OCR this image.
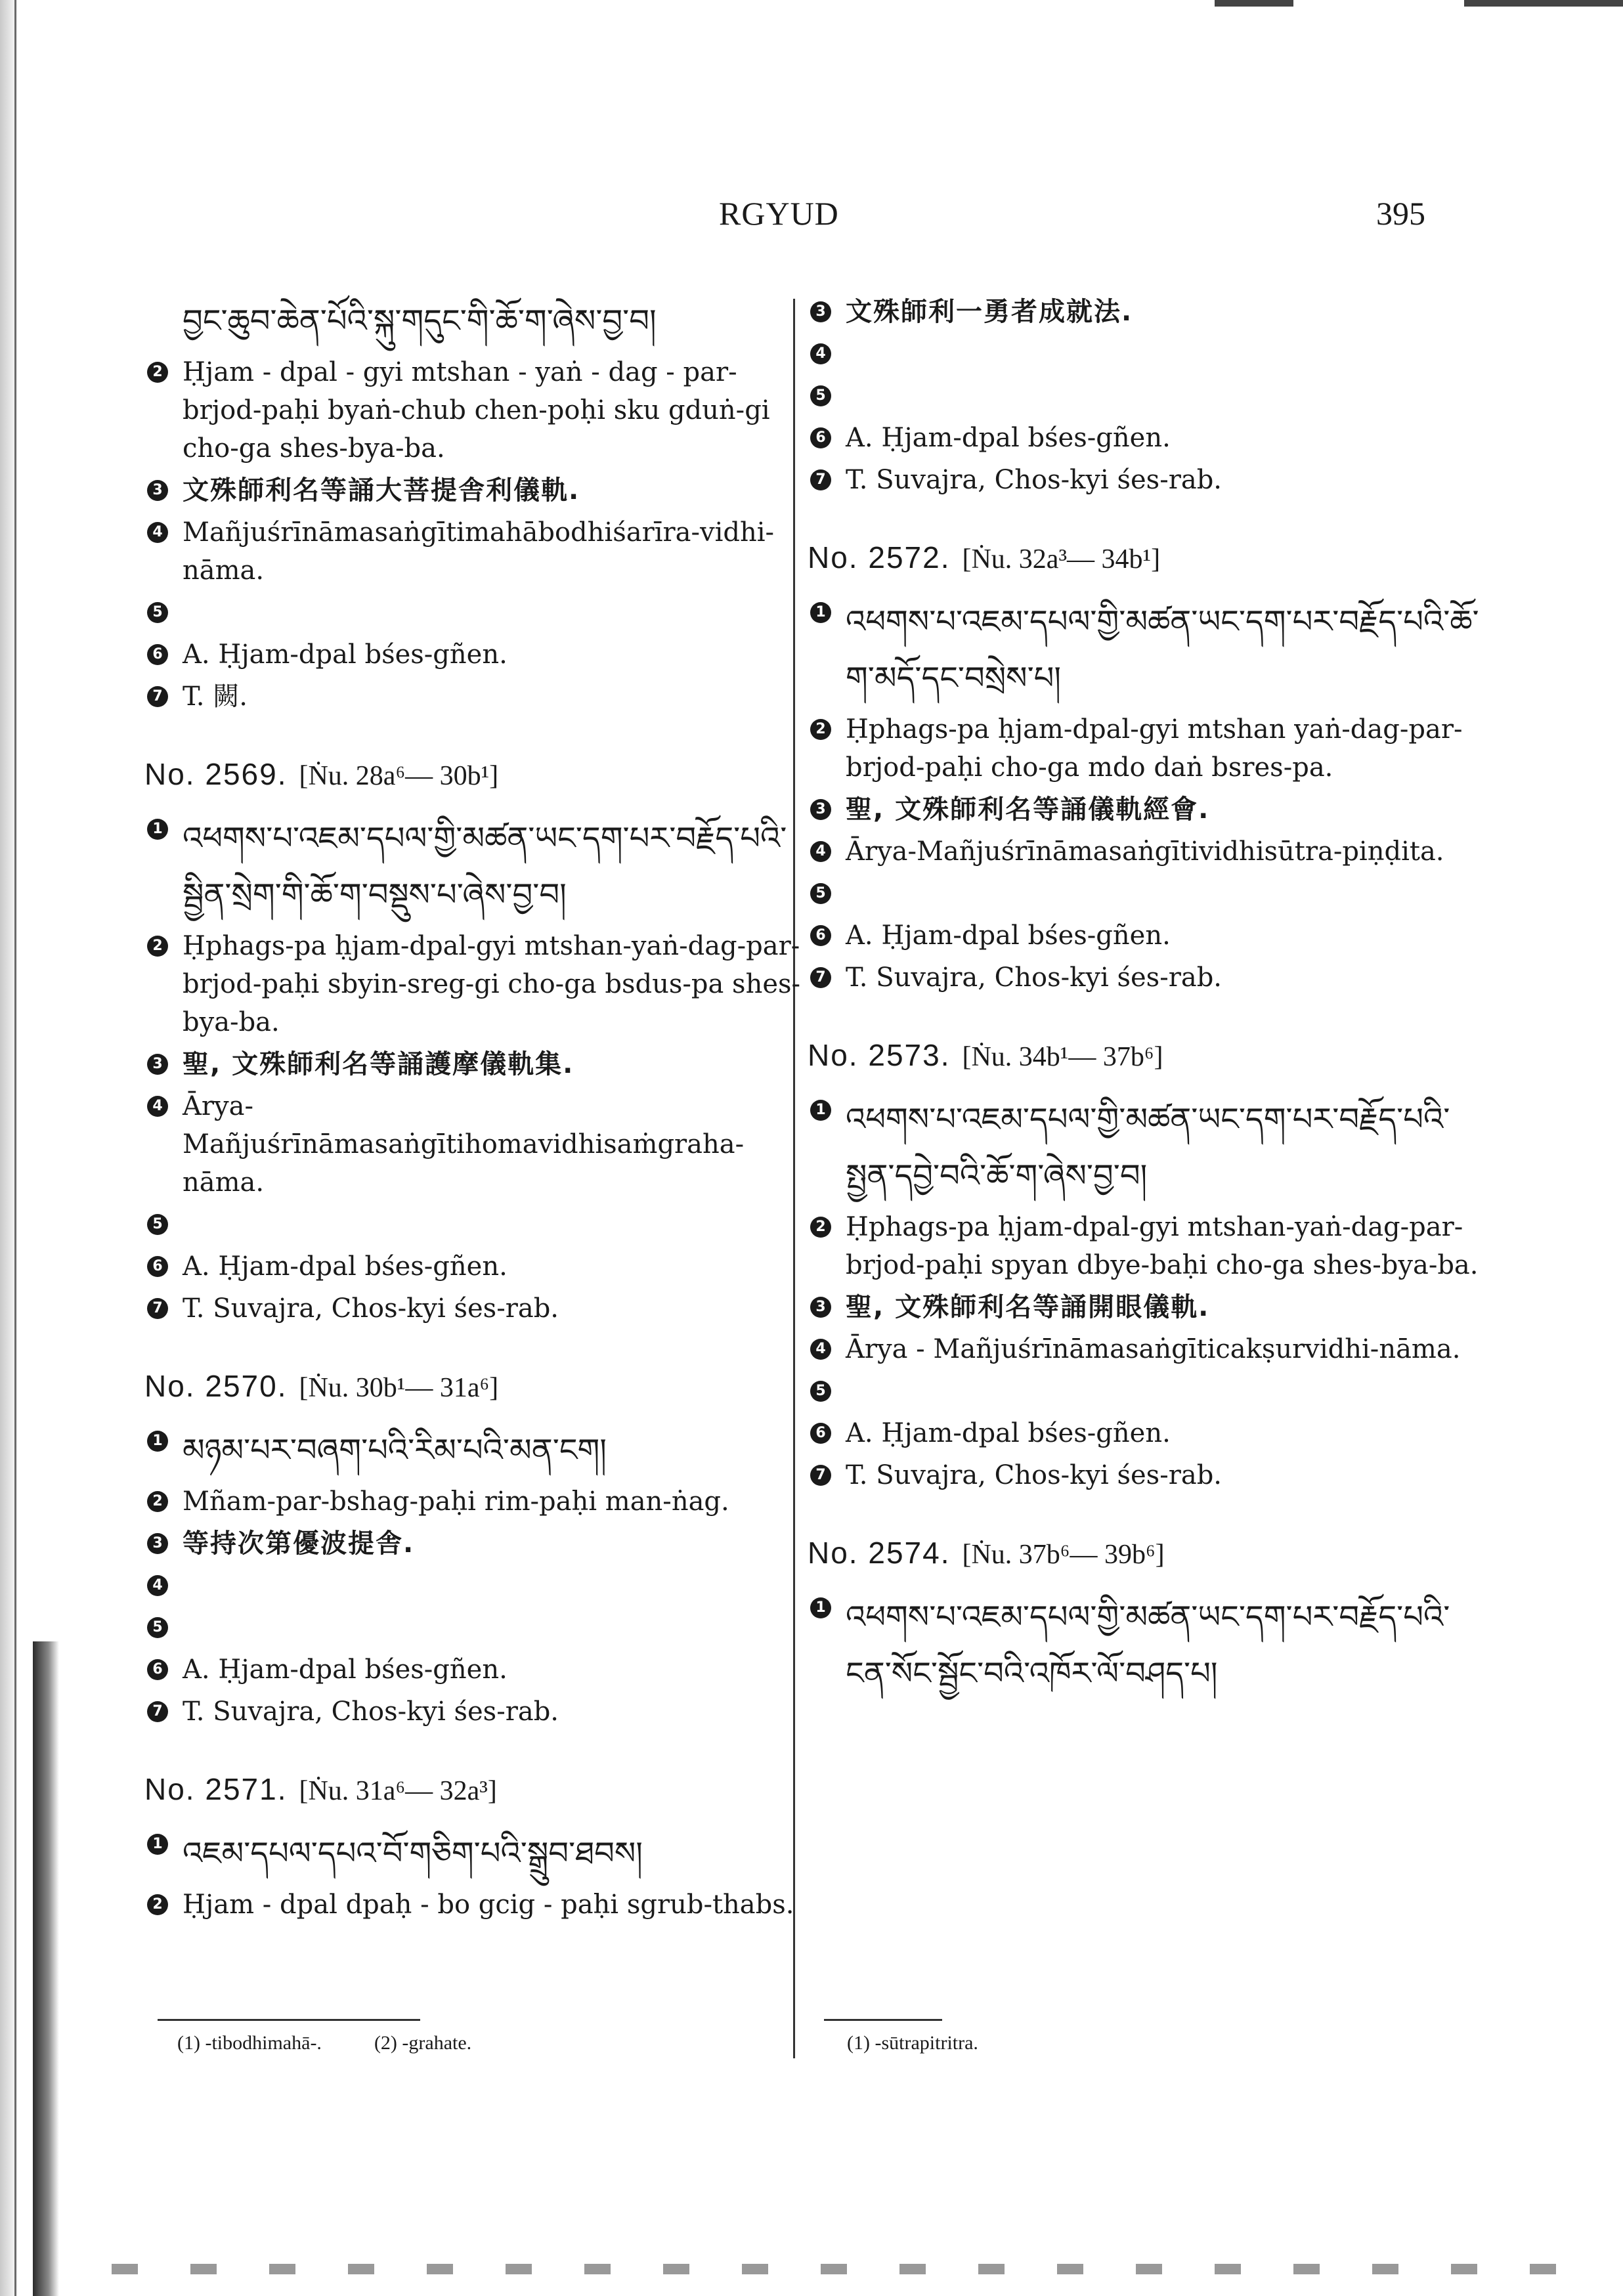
RGYUD	395
བྱང་ཆུབ་ཆེན་པོའི་སྐུ་གདུང་གི་ཆོ་ག་ཞེས་བྱ་བ།
2 Ḥjam - dpal - gyi mtshan - yaṅ - dag - par-brjod-paḥi byaṅ-chub chen-poḥi sku gduṅ-gi cho-ga shes-bya-ba.
3 文殊師利名等誦大菩提舎利儀軌.
4 Mañjuśrīnāmasaṅgītimahābodhiśarīra-vidhi-nāma.
5
6 A. Ḥjam-dpal bśes-gñen.
7 T. 闕.
No. 2569. [Ṅu. 28a⁶— 30b¹]
1 འཕགས་པ་འཇམ་དཔལ་གྱི་མཚན་ཡང་དག་པར་བརྗོད་པའི་སྦྱིན་སྲེག་གི་ཆོ་ག་བསྡུས་པ་ཞེས་བྱ་བ།
2 Ḥphags-pa ḥjam-dpal-gyi mtshan-yaṅ-dag-par-brjod-paḥi sbyin-sreg-gi cho-ga bsdus-pa shes-bya-ba.
3 聖, 文殊師利名等誦護摩儀軌集.
4 Ārya-Mañjuśrīnāmasaṅgītihomavidhisaṁgraha-nāma.
5
6 A. Ḥjam-dpal bśes-gñen.
7 T. Suvajra, Chos-kyi śes-rab.
No. 2570. [Ṅu. 30b¹— 31a⁶]
1 མཉམ་པར་བཞག་པའི་རིམ་པའི་མན་ངག།
2 Mñam-par-bshag-paḥi rim-paḥi man-ṅag.
3 等持次第優波提舎.
4
5
6 A. Ḥjam-dpal bśes-gñen.
7 T. Suvajra, Chos-kyi śes-rab.
No. 2571. [Ṅu. 31a⁶— 32a³]
1 འཇམ་དཔལ་དཔའ་བོ་གཅིག་པའི་སྒྲུབ་ཐབས།
2 Ḥjam - dpal dpaḥ - bo gcig - paḥi sgrub-thabs.
(1) -tibodhimahā-.	(2) -grahate.
3 文殊師利一勇者成就法.
4
5
6 A. Ḥjam-dpal bśes-gñen.
7 T. Suvajra, Chos-kyi śes-rab.
No. 2572. [Ṅu. 32a³— 34b¹]
1 འཕགས་པ་འཇམ་དཔལ་གྱི་མཚན་ཡང་དག་པར་བརྗོད་པའི་ཆོ་ག་མདོ་དང་བསྲེས་པ།
2 Ḥphags-pa ḥjam-dpal-gyi mtshan yaṅ-dag-par-brjod-paḥi cho-ga mdo daṅ bsres-pa.
3 聖, 文殊師利名等誦儀軌經會.
4 Ārya-Mañjuśrīnāmasaṅgītividhisūtra-piṇḍita.
5
6 A. Ḥjam-dpal bśes-gñen.
7 T. Suvajra, Chos-kyi śes-rab.
No. 2573. [Ṅu. 34b¹— 37b⁶]
1 འཕགས་པ་འཇམ་དཔལ་གྱི་མཚན་ཡང་དག་པར་བརྗོད་པའི་སྤྱན་དབྱེ་བའི་ཆོ་ག་ཞེས་བྱ་བ།
2 Ḥphags-pa ḥjam-dpal-gyi mtshan-yaṅ-dag-par-brjod-paḥi spyan dbye-baḥi cho-ga shes-bya-ba.
3 聖, 文殊師利名等誦開眼儀軌.
4 Ārya - Mañjuśrīnāmasaṅgīticakṣurvidhi-nāma.
5
6 A. Ḥjam-dpal bśes-gñen.
7 T. Suvajra, Chos-kyi śes-rab.
No. 2574. [Ṅu. 37b⁶— 39b⁶]
1 འཕགས་པ་འཇམ་དཔལ་གྱི་མཚན་ཡང་དག་པར་བརྗོད་པའི་ངན་སོང་སྦྱོང་བའི་འཁོར་ལོ་བཤད་པ།
(1) -sūtrapitritra.
